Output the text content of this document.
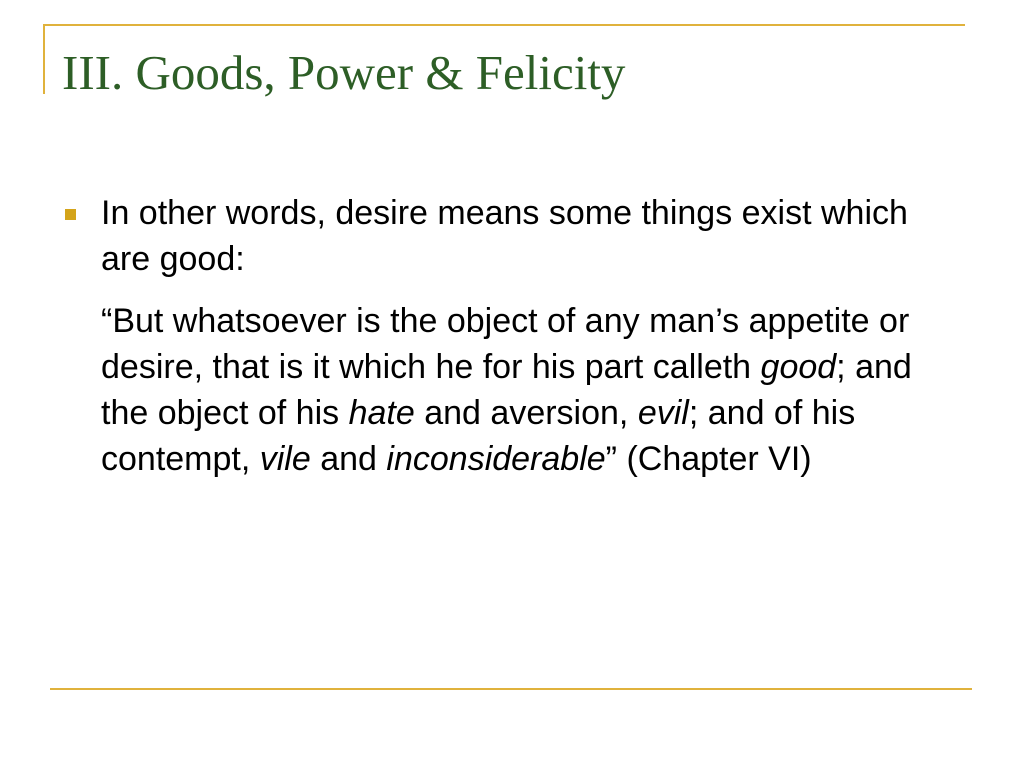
III. Goods, Power & Felicity
In other words, desire means some things exist which are good:
“But whatsoever is the object of any man’s appetite or desire, that is it which he for his part calleth good; and the object of his hate and aversion, evil; and of his contempt, vile and inconsiderable” (Chapter VI)
